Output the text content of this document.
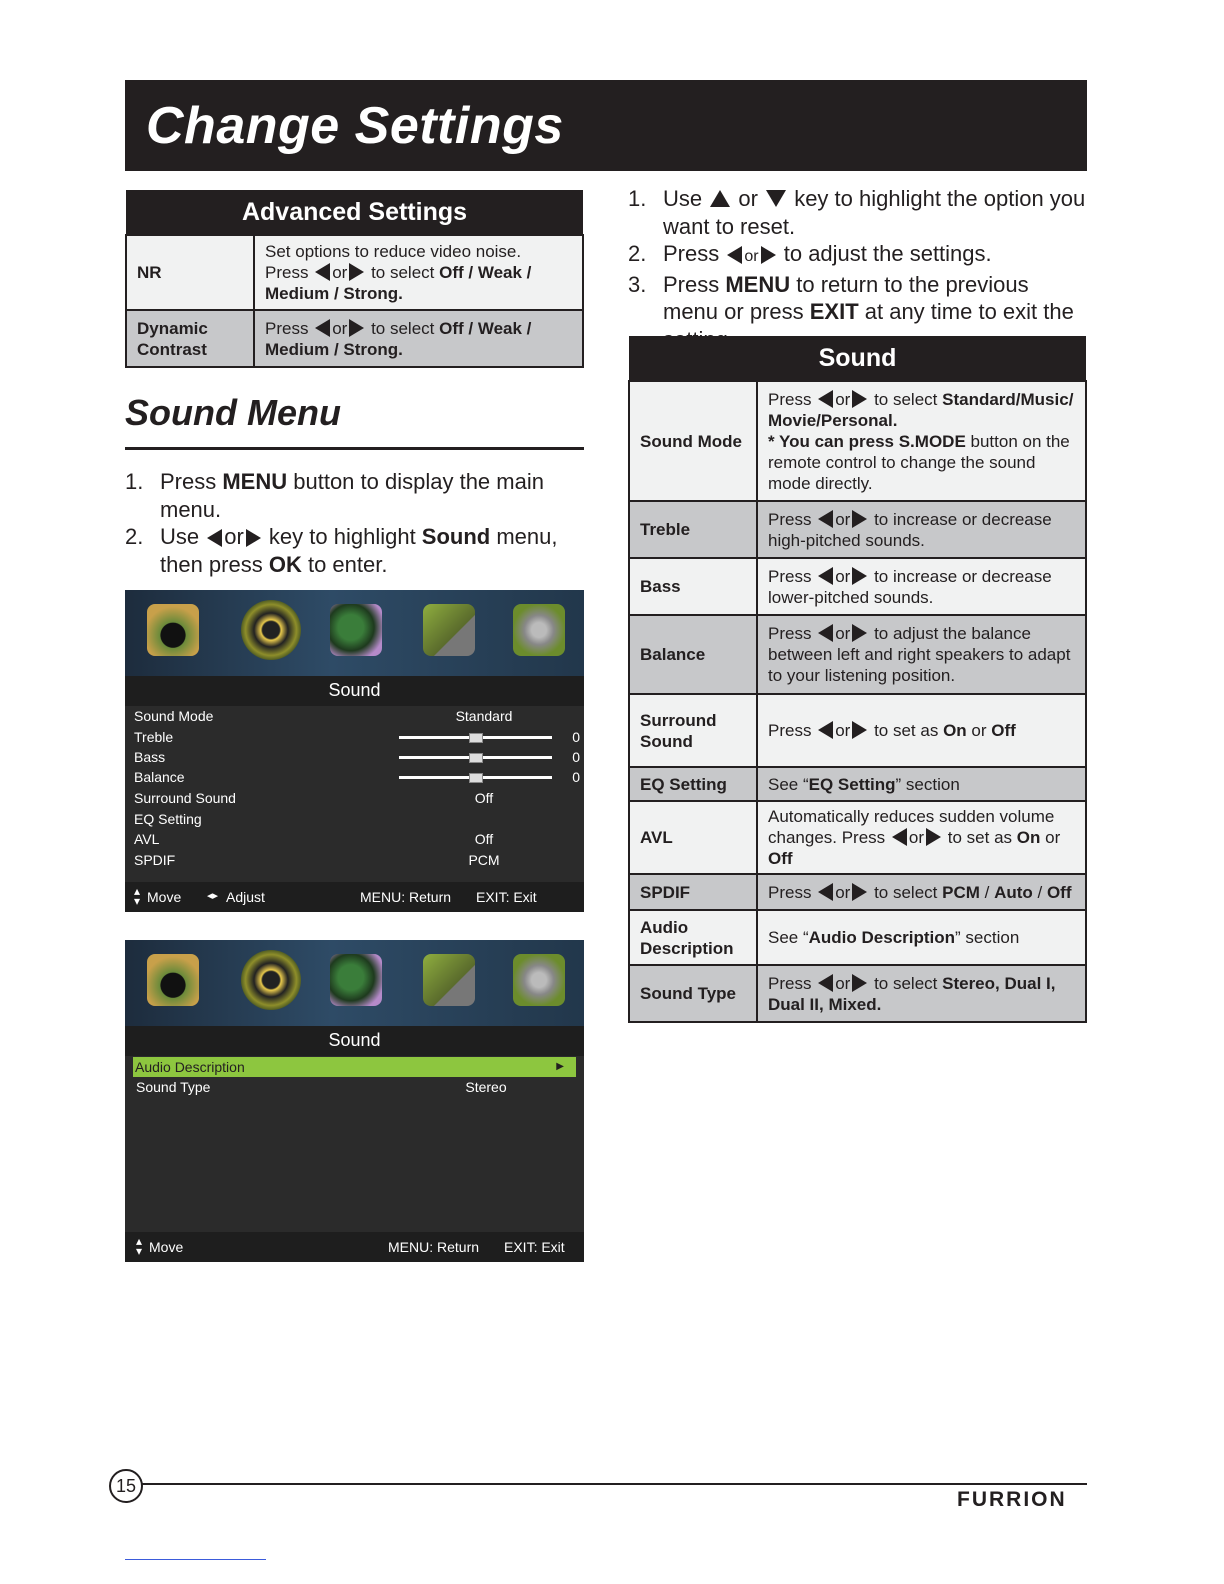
Change Settings
Advanced Settings	
NR	Set options to reduce video noise.
Press or to select Off / Weak /
Medium / Strong.
Dynamic
Contrast	Press or to select Off / Weak /
Medium / Strong.
Sound Menu
1. Press MENU button to display the main menu.
2. Use or key to highlight Sound menu, then press OK to enter.
Sound
Sound Mode	Standard
Treble	0
Bass	0
Balance	0
Surround Sound	Off
EQ Setting
AVL	Off
SPDIF	PCM
▴
▾ Move ◂▸ Adjust	MENU: Return EXIT: Exit
Sound
Audio Description	▶
Sound Type	Stereo
▴
▾ Move	MENU: Return EXIT: Exit
1. Use or key to highlight the option you want to reset.
2. Press or to adjust the settings.
3. Press MENU to return to the previous menu or press EXIT at any time to exit the
Sound	
Sound Mode	Press or to select Standard/Music/ Movie/Personal.
* You can press S.MODE button on the remote control to change the sound mode directly.
Treble	Press or to increase or decrease high-pitched sounds.
Bass	Press or to increase or decrease lower-pitched sounds.
Balance	Press or to adjust the balance between left and right speakers to adapt to your listening position.
Surround
Sound	Press or to set as On or Off
EQ Setting	See “EQ Setting” section
AVL	Automatically reduces sudden volume changes. Press or to set as On or Off
SPDIF	Press or to select PCM / Auto / Off
Audio
Description	See “Audio Description” section
Sound Type	Press or to select Stereo, Dual I, Dual II, Mixed.
15
FURRION
